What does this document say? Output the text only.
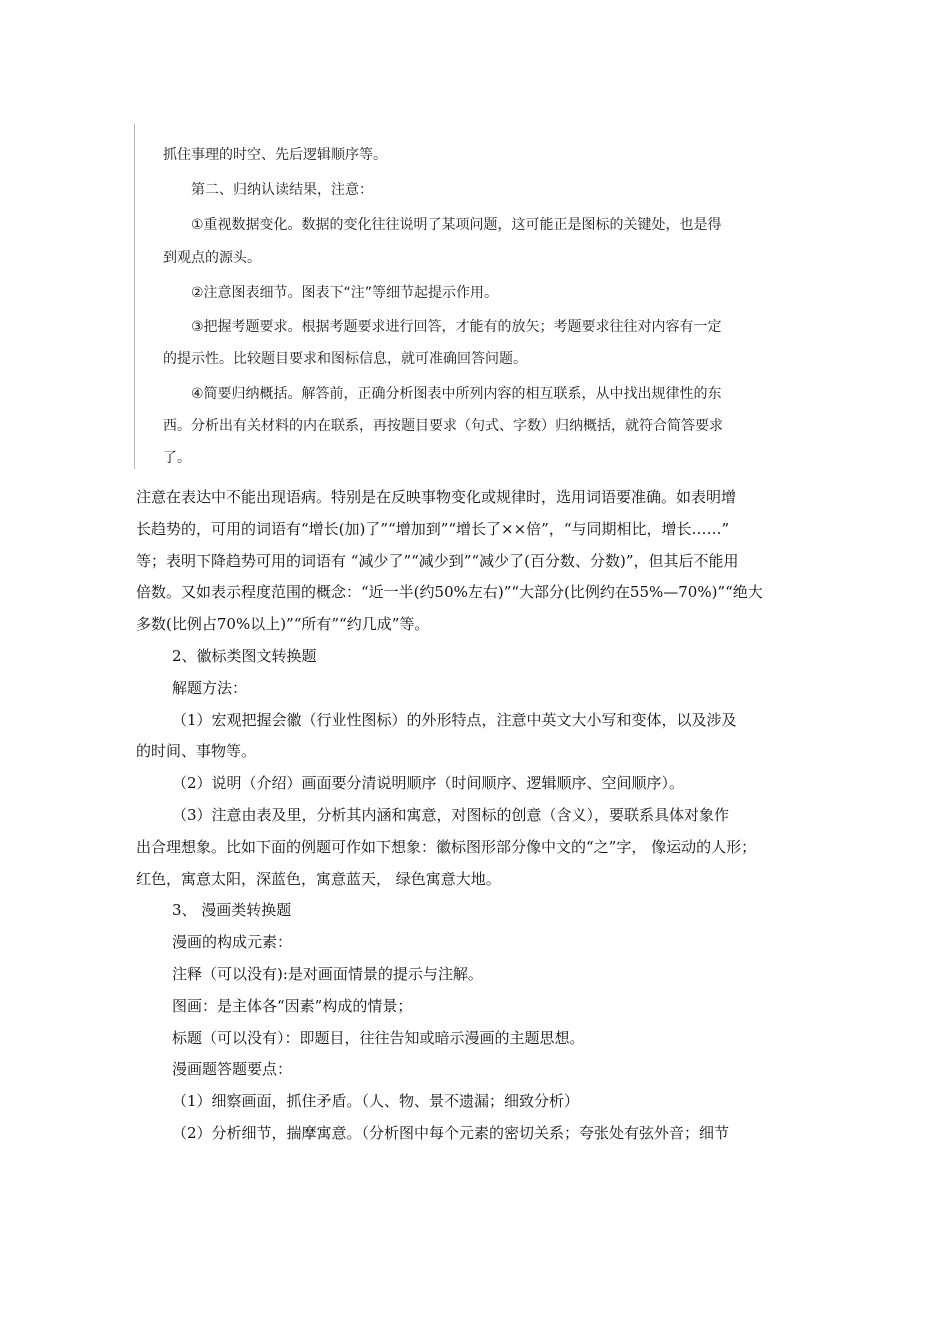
抓住事理的时空、先后逻辑顺序等。

第二、归纳认读结果，注意：

①重视数据变化。数据的变化往往说明了某项问题，这可能正是图标的关键处，也是得

到观点的源头。

②注意图表细节。图表下“注”等细节起提示作用。

③把握考题要求。根据考题要求进行回答，才能有的放矢；考题要求往往对内容有一定

的提示性。比较题目要求和图标信息，就可准确回答问题。

④简要归纳概括。解答前，正确分析图表中所列内容的相互联系，从中找出规律性的东

西。分析出有关材料的内在联系，再按题目要求（句式、字数）归纳概括，就符合简答要求

了。

注意在表达中不能出现语病。特别是在反映事物变化或规律时，选用词语要准确。如表明增

长趋势的，可用的词语有“增长(加)了”“增加到”“增长了××倍”，“与同期相比，增长……”

等；表明下降趋势可用的词语有 “减少了”“减少到”“减少了(百分数、分数)”，但其后不能用

倍数。又如表示程度范围的概念：“近一半(约50%左右)”“大部分(比例约在55%—70%)”“绝大

多数(比例占70%以上)”“所有”“约几成”等。

2、徽标类图文转换题

解题方法：

（1）宏观把握会徽（行业性图标）的外形特点，注意中英文大小写和变体，以及涉及

的时间、事物等。

（2）说明（介绍）画面要分清说明顺序（时间顺序、逻辑顺序、空间顺序）。

（3）注意由表及里，分析其内涵和寓意，对图标的创意（含义），要联系具体对象作

出合理想象。比如下面的例题可作如下想象：徽标图形部分像中文的“之”字， 像运动的人形；

红色，寓意太阳，深蓝色，寓意蓝天， 绿色寓意大地。

3、 漫画类转换题

漫画的构成元素：

注释（可以没有):是对画面情景的提示与注解。

图画：是主体各“因素”构成的情景；

标题（可以没有）：即题目，往往告知或暗示漫画的主题思想。

漫画题答题要点：

（1）细察画面，抓住矛盾。（人、物、景不遗漏；细致分析）

（2）分析细节，揣摩寓意。（分析图中每个元素的密切关系；夸张处有弦外音；细节
